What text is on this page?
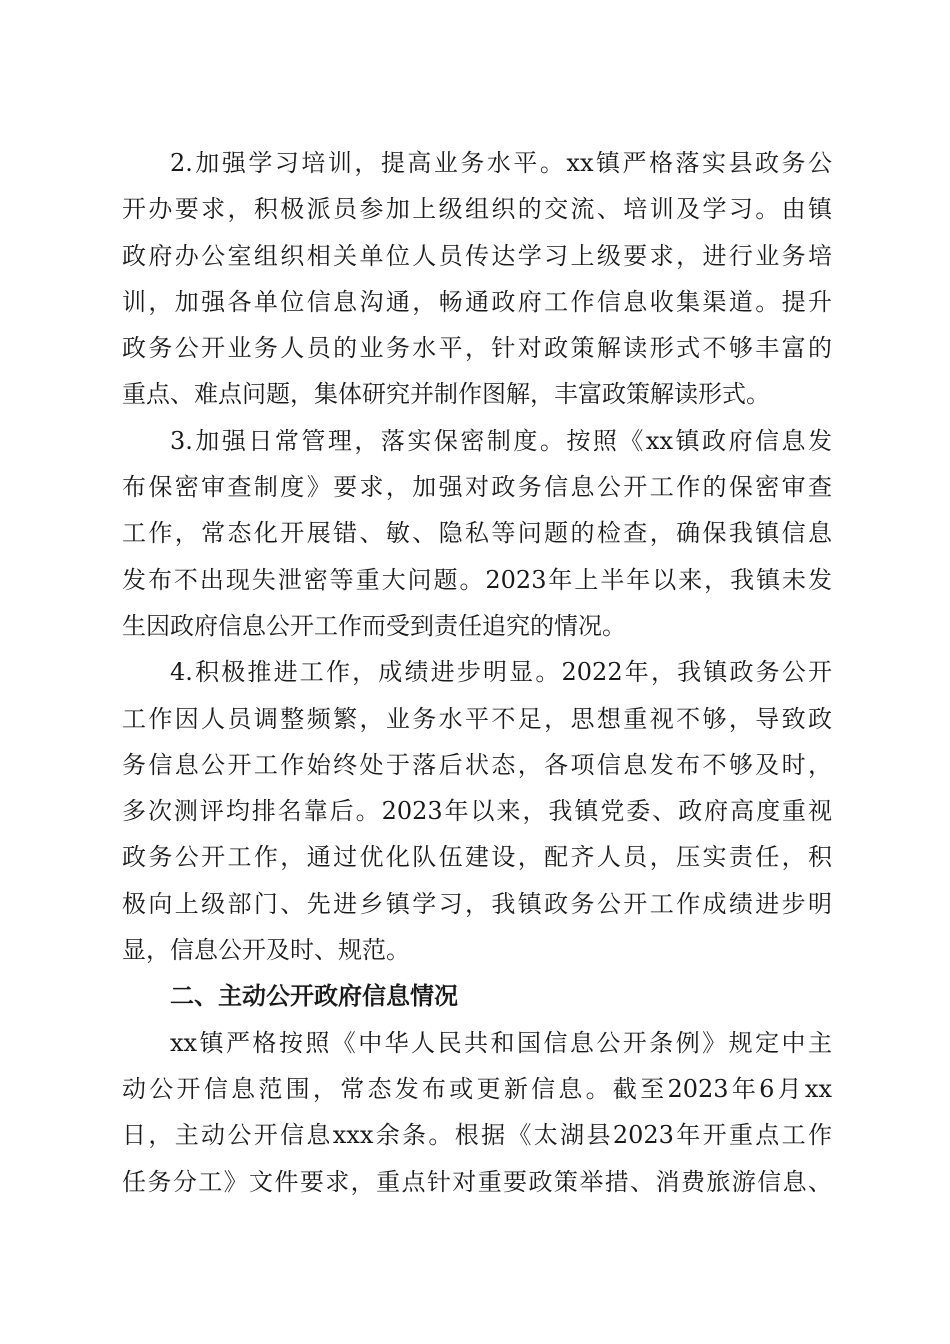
2.加强学习培训，提高业务水平。xx镇严格落实县政务公
开办要求，积极派员参加上级组织的交流、培训及学习。由镇
政府办公室组织相关单位人员传达学习上级要求，进行业务培
训，加强各单位信息沟通，畅通政府工作信息收集渠道。提升
政务公开业务人员的业务水平，针对政策解读形式不够丰富的
重点、难点问题，集体研究并制作图解，丰富政策解读形式。
3.加强日常管理，落实保密制度。按照《xx镇政府信息发
布保密审查制度》要求，加强对政务信息公开工作的保密审查
工作，常态化开展错、敏、隐私等问题的检查，确保我镇信息
发布不出现失泄密等重大问题。2023年上半年以来，我镇未发
生因政府信息公开工作而受到责任追究的情况。
4.积极推进工作，成绩进步明显。2022年，我镇政务公开
工作因人员调整频繁，业务水平不足，思想重视不够，导致政
务信息公开工作始终处于落后状态，各项信息发布不够及时，
多次测评均排名靠后。2023年以来，我镇党委、政府高度重视
政务公开工作，通过优化队伍建设，配齐人员，压实责任，积
极向上级部门、先进乡镇学习，我镇政务公开工作成绩进步明
显，信息公开及时、规范。
二、主动公开政府信息情况
xx镇严格按照《中华人民共和国信息公开条例》规定中主
动公开信息范围，常态发布或更新信息。截至2023年6月xx
日，主动公开信息xxx余条。根据《太湖县2023年开重点工作
任务分工》文件要求，重点针对重要政策举措、消费旅游信息、
